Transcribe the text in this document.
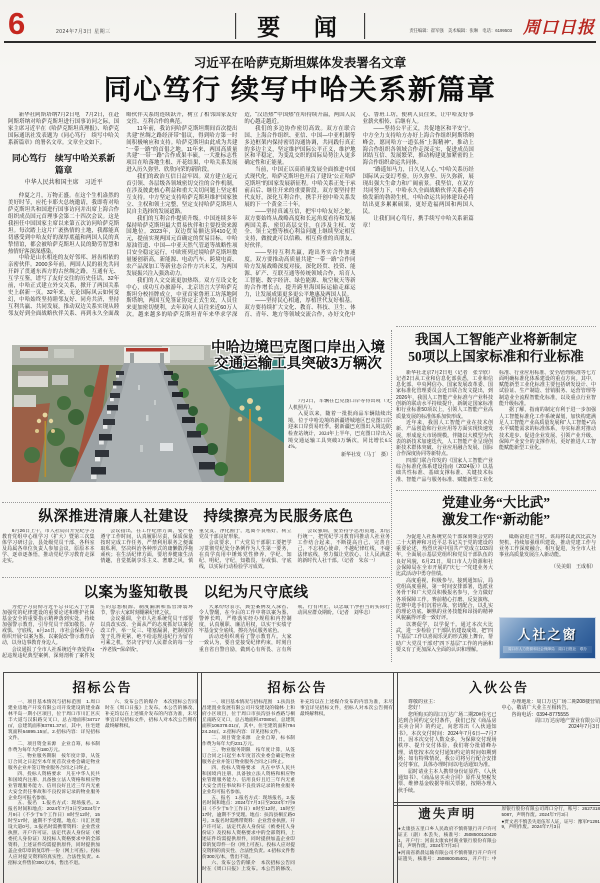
6	2024年7月3日 星期三	要 闻	责任编辑：翟军强　美术编辑：张琳　电话：6199503 周口日报
习近平在哈萨克斯坦媒体发表署名文章
同心笃行 续写中哈关系新篇章

新华社阿斯塔纳7月2日电　7月2日，在赴阿斯塔纳对哈萨克斯坦进行国事访问之际，国家主席习近平在《哈萨克斯坦真理报》、哈萨克国际通讯社发表题为《同心笃行　续写中哈关系新篇章》的署名文章。文章全文如下。

同心笃行　续写中哈关系新篇章
中华人民共和国主席　习近平

仲夏之月，万物正盛。在这个生机盎然的美好时节，应托卡耶夫总统邀请，我即将对哈萨克斯坦共和国进行国事访问并出席上海合作组织成员国元首理事会第二十四次会议。这是我担任中国国家主席以来第五次访问哈萨克斯坦。每次踏上这片广袤热情的土地，我都能真切感受到中哈友好的深厚底蕴和两国人民的真挚情谊，都会被哈萨克斯坦人民的勤劳智慧和热情好客深深感染。

中哈是山水相连的友好邻邦、唇齿相依的亲密伙伴。2000多年前，两国人民的祖先共同开辟了贯通东西方的古丝绸之路，互通有无、互学互鉴，谱写了友好交往的历史佳话。32年前，中哈正式建立外交关系，掀开了两国关系史上崭新一页。32年来，无论国际风云如何变幻，中哈始终坚持睦邻友好、同舟共济，坚持互利共赢、共同发展，推动双边关系实现从睦邻友好到全面战略伙伴关系、再到永久全面战略伙伴关系的连续跃升，树立了相邻国家友好交往、互利合作的典范。

11年前，我访问哈萨克斯坦期间首次提出共建“丝绸之路经济带”倡议，得到哈方第一时间积极响应和支持。哈萨克斯坦由此成为共建“一带一路”的首倡之地。11年来，两国高质量共建“一带一路”合作成果丰硕，一大批标志性项目在哈落地生根、开花结果，中哈关系发展进入历久弥坚、欣欣向荣的新阶段。

我们的政治互信日益牢固。双方建立起元首引领、各层级各领域密切交往的合作机制，在涉及彼此核心利益和重大关切问题上坚定相互支持。中方坚定支持哈萨克斯坦维护国家独立、主权和领土完整，坚定支持哈萨克斯坦人民自主选择的发展道路。

我们的互利合作提质升级。中国连续多年保持哈萨克斯坦最大贸易伙伴和主要投资来源国地位。2023年，双边贸易额达到410亿美元，提前实现两国元首确定的贸易目标。中哈原油管道、中国—中亚天然气管道等战略性项目安全稳定运行，中欧班列过境哈萨克斯坦数量屡创新高，新能源、电动汽车、跨境电商、农产品深加工等新业态合作方兴未艾，为两国发展振兴注入强劲动力。

我们的人文交流更加热络。双方互设文化中心，成功互办旅游年，北京语言大学哈萨克斯坦分校挂牌成立，中亚首家鲁班工坊落地阿斯塔纳，两国互免签证协定正式生效，人员往来更加密切便利，去年双向人员往来近60万人次。越来越多的哈萨克斯坦青年来华求学深造，“汉语热”“中国热”在哈持续升温，两国人民的心越走越近。

我们的多边协作密切高效。双方在联合国、上海合作组织、亚信、中国—中亚机制等多边框架内保持密切沟通协调，共同践行真正的多边主义，坚定维护国际公平正义，维护地区和平稳定，为变乱交织的国际局势注入更多确定性和正能量。

当前，中国正以高质量发展全面推进中国式现代化，哈萨克斯坦也开启了建设“公正哈萨克斯坦”的国家发展新征程。中哈关系正处于承前启后、继往开来的重要阶段。双方要坚持世代友好，深化互利合作，携手开创中哈关系发展的下一个黄金三十年。

——坚持真诚互信，把牢中哈友好之舵。双方要始终从战略高度和长远角度看待和发展两国关系，密切高层交往，在涉及主权、安全、领土完整等核心利益问题上继续坚定相互支持，做彼此可以信赖、相互倚重的真朋友、好伙伴。

——坚持互利共赢，跑出务实合作加速度。双方要推动高质量共建“一带一路”合作同哈方发展战略深度对接，深化经贸、投资、能源、矿产、互联互通等传统领域合作，培育人工智能、数字经济、绿色能源、航空航天等新的合作增长点，提升跨里海国际运输走廊运力，让发展成果更多更公平地惠及两国人民。

——坚持民心相通，厚植世代友好根基。双方要持续扩大文化、教育、科技、卫生、体育、青年、地方等领域交流合作，办好文化中心、鲁班工坊，便利人员往来，让中哈友好事业薪火相传、后继有人。

——坚持公平正义，共促地区和平安宁。中方全力支持哈方办好上海合作组织阿斯塔纳峰会，愿同哈方一道弘扬“上海精神”，推动上海合作组织各领域合作走深走实，促进成员国团结互信、发展繁荣，推动构建更加紧密的上海合作组织命运共同体。

“路遥知马力，日久见人心。”中哈关系历经国际风云变幻考验，历久弥坚、历久弥新，展现出强大生命力和广阔前景。我坚信，在双方共同努力下，中哈永久全面战略伙伴关系必将焕发新的勃勃生机，中哈命运共同体建设必将结出更多累累硕果，更好造福两国和两国人民。

让我们同心笃行，携手续写中哈关系新篇章！

中哈边境巴克图口岸出入境
交通运输工具突破3万辆次

7月2日，车辆在巴克图口岸等待出境（无人机照片）。

入夏以来，随着一批批商品车辆陆续出境，位于中哈边境的新疆塔城地区巴克图口岸迎来口岸贸易旺季。据新疆巴克图出入境边防检查站统计，2024年上半年，巴克图口岸出入境交通运输工具突破3万辆次，同比增长6.54%。

新华社发（马丁　摄）
我国人工智能产业将新制定
50项以上国家标准和行业标准

新华社北京7月2日电（记者　张辛欣）记者2日从工业和信息化部获悉，工业和信息化部、中央网信办、国家发展改革委、国家标准化管理委员会近日联合发文提出，到2026年，我国人工智能产业标准与产业科技创新的联动水平持续提升，新制定国家标准和行业标准50项以上，引领人工智能产业高质量发展的标准体系加快形成。

近年来，我国人工智能产业在技术创新、产品创造和行业应用等方面实现快速发展，形成庞大市场规模。伴随以大模型为代表的新技术加速迭代，人工智能产业呈现创新技术群体突破、行业应用融合发展、国际合作深度协同等新特点。

四部门联合印发的《国家人工智能产业综合标准化体系建设指南（2024版）》以基础共性标准、基础支撑标准、关键技术标准、智能产品与服务标准、赋能新型工业化标准、行业应用标准、安全/治理标准等七方面明确标准化体系建设的重点方向。其中，赋能新型工业化标准主要包括研发设计、中试验证、生产制造、营销服务、运营管理等制造业全流程智能化标准，以及重点行业智能升级标准。

据了解，指南的制定有利于进一步加强人工智能标准化工作系统谋划，加快构建满足人工智能产业高质量发展和“人工智能+”高水平赋能需求的标准体系，夯实标准对推动技术进步、促进企业发展、引领产业升级、保障产业安全的支撑作用，更好推进人工智能赋能新型工业化。

纵深推进清廉人社建设　持续擦亮为民服务底色

6月26日上午，市人社局召开党纪学习教育党组中心组学习（扩大）暨第三次集体学习研讨会，县处级党员干部、各科室及局属各单位负责人参加会议，原原本本学、逐章逐条悟，推动党纪学习教育走深走实。

会议指出，在工作纪律方面，要严格遵守工作时间，认真履职尽责，保质保量按时完成工作任务，严禁利用职务之便谋取私利，坚决纠治各种形式的庸懒散浮拖顽疾；在生活纪律方面，要培养健康生活情趣，自觉抵制享乐主义、奢靡之风，慎重交友、净化圈子，远离不良嗜好，树立党员干部良好形象。

会议要求，广大党员干部职工要把学习贯彻党纪处分条例作为人生第一要务，在真学真用中锤炼党性修养，学纪、知纪、明纪、守纪，知敬畏、存戒惧、守底线，以实际行动检验学习成效。

会议强调，要坚持学思用贯通、知信行统一，把党纪学习教育同推动人社业务工作结合起来，不断提高自己、完善自己，不忘初心使命，不越纪律红线，不碰法律底线，努力做让党放心、让人民满意的新时代人社干部。（记者　朱东一）

以案为鉴知敬畏　以纪为尺守底线

为把学习贯彻习近平总书记关于全面加强党的纪律建设的重要论述和维护社保基金安全的重要指示精神落到实处，持续加强警示教育，引导党员干部知敬畏、存戒惧、守底线，6月24日，市社会保险中心组织开展“以案为鉴、以案促改”警示教育活动，以身边事教育身边人。

会议通报了全市人社系统近年查处的4起违规违纪典型案例，深刻剖析了案件发生的思想根源、制度漏洞和监管薄弱环节，警示大家时刻绷紧纪律之弦。

会议强调，全市人社系统党员干部要以真改实改、全面从严的态度抓好以案促改工作，举一反三、堵塞漏洞，把制度的笼子扎得更紧，绝不给违规违纪行为留有可乘之机，坚决守护好人民群众的每一分“养老钱”“保命钱”。

大家纷纷表示，典型案例发人深省、令人警醒，在今后的工作中将以案为鉴、警钟长鸣，严格落实经办规程和内控制度，认真履职、廉洁用权，以实干实绩守牢基金安全底线，擦亮为民服务底色。

活动还组织观看了警示教育片。大家一致认为，要自觉接受纪律约束，时刻自重自省自警自励，做到心有所畏、言有所戒、行有所止，以忠诚干净担当的实际行动回应群众期盼。（记者　刘华志）

党建业务“大比武”
激发工作“新动能”

为促进人社系统党员干部深刻领会党的二十大精神和习近平总书记关于党的建设的重要论述，热烈庆祝中国共产党成立103周年，全面展示基层党组织和党员干部队伍的良好风貌，6月21日，周口市人力资源和社会保障局在全市开展的“庆七一”党建业务大比武活动中勇夺佳绩。

高度重视，积极参与。接到通知后，局党组高度重视，第一时间安排部署，选派业务骨干和广大党员积极报名参与，全力做好各项保障工作。赛前精心打磨、反复演练，比赛中选手们沉着应战、密切配合，以扎实的理论功底、娴熟的业务技能和昂扬的精神风貌赢得评委一致好评。

以赛促学，以学促干。通过本次大比武，进一步检验了干部队伍建设成效，把“四下基层”工作以喜闻乐见的形式搬上舞台，帮助广大党员干部对“四下基层”工作的内涵和要义有了更加深入全面的认识和理解。

砥砺奋进正当时。该局将以此次比武为契机，持续加强组织建设，推动党建工作与业务工作深度融合、相互促进，为全市人社事业高质量发展注入新动能。

（吴美娟　王成相）

人社之窗
周口市人力资源和社会保障局　周口日报社　联办
招标公告

一、项目基本情况与招标范围　1.周口建业房地产开发有限公司开发建设的建业森林半岛一期小区项目，位于周口市川汇区庆丰大道与汉阳路交叉口，总占地面积34717㎡，总建筑面积83781.37㎡，其中，住宅建筑面积64895.15㎡。2.招标内容：详见招标文件。

二、项目资金来源　企业自筹，标书制作费为每年大约180万元。

三、物业服务期限　按年度计算，从签订合同之日起至本年度首次业委会确定物业服务企业并签订物业服务合同之日终止。

四、投标人资格要求　凡在中华人民共和国境内注册、具备独立法人资格和相应物业管理服务能力、信用良好且近三年内无重大安全责任事故和不良投诉记录的物业服务企业均可报名参加。

五、报名　1.报名方式：现场报名。2.报名时间和地点：2024年7月3日至2024年7月9日（不少于5个工作日）8时至12时，15时至17时，逾期不予受理。地点：川汇区建设大道0号。3.报名时需携带资料：企业营业执照、开户许可证、法定代表人身份证（被委托人身份证）及投标人资格要求中的全部资料，上述证件均需提供原件，同时提供加盖企业印章的复印件一份（网上可查）。投标人应对提交资料的真实性、合法性负责。4.招标文件售价300元/本，售出不退。

六、发布公告的媒介　本次招标公告同时在《周口日报》上发布。本公告的修改、补充均以在上述媒介发布的内容为准，未尽事宜详见招标文件，招标人对本次公告拥有最终解释权。

招标公告

一、项目基本情况与招标范围　1.扶沟县昌建置业发展有限公司开发建设的翰林·上和府小区项目，位于周口市扶沟县书香路与桐丘南路交叉口，总占地面积47080㎡，总建筑面积106378.01㎡，其中，住宅建筑面积79424.24㎡。2.招标内容：详见招标文件。

二、项目资金来源　企业自筹，标书制作费为每年大约231万元。

三、物业服务期限　按年度计算，从签订合同之日起至本年度首次业委会确定物业服务企业并签订物业服务合同之日终止。

四、投标人资格要求　凡在中华人民共和国境内注册、具备独立法人资格和相应物业管理服务能力、信用良好且近三年内无重大安全责任事故和不良投诉记录的物业服务企业均可报名参加。

五、报名　1.报名方式：现场报名。2.报名时间和地点：2024年7月3日至2024年7月9日（不少于5个工作日）8时至12时，15时至17时，逾期不予受理。地点：扶沟县桐丘路0号。3.报名时需携带资料：企业营业执照、开户许可证、法定代表人身份证（被委托人身份证）及投标人资格要求中的全部资料，上述证件均需提供原件，同时提供加盖企业印章的复印件一份（网上可查）。投标人应对提交资料的真实性、合法性负责。4.招标文件售价300元/本，售出不退。

六、发布公告的媒介　本次招标公告同时在《周口日报》上发布。本公告的修改、补充均以在上述媒介发布的内容为准，未尽事宜详见招标文件，招标人对本次公告拥有最终解释权。

入伙公告

尊敬的业主：

您好！

您所购买的周口万达广场二期20#住宅已达到合同约定交付条件，我们已按《商品房买卖合同》的约定，向您寄出《入伙通知书》。本次交付时间：2024年7月6日—7月7日。因本次交付人数众多，为保障交付现场秩序、提升交付体验，我们将分批错峰办理，请您按本次交付通知约定的时间如期到场；如有特殊情况，我公司将另行配合安排交付事宜，具体办理时间以电话通知为准。

届时请业主本人携带身份证原件、《入伙通知书》、《商品房买卖合同》原件及契税发票、维修基金收据等相关票据，按期办理入伙手续。

办理地址：周口万达广场二期208楼营销中心，敬请广大业主互相转告。

咨询电话：0394-8775555

周口万达房地产置业有限公司

2024年7月3日

遗失声明

●太康县五里口乡人民政府不慎将银行开户许可证正（副）本丢失，核准号：J5085001104201，开户行：河南太康农村商业银行股份有限公司，声明作废。2024年7月3日

●河南省新晨运输有限公司不慎将银行开户许可证遗失，核准号：J50860045401，开户行：中原银行股份有限公司周口分行，账号：26273185087，声明作废。2024年7月3日

●贾文君不慎丢失退伍军人证，证号：豫军F12919，声明作废。2024年7月3日
